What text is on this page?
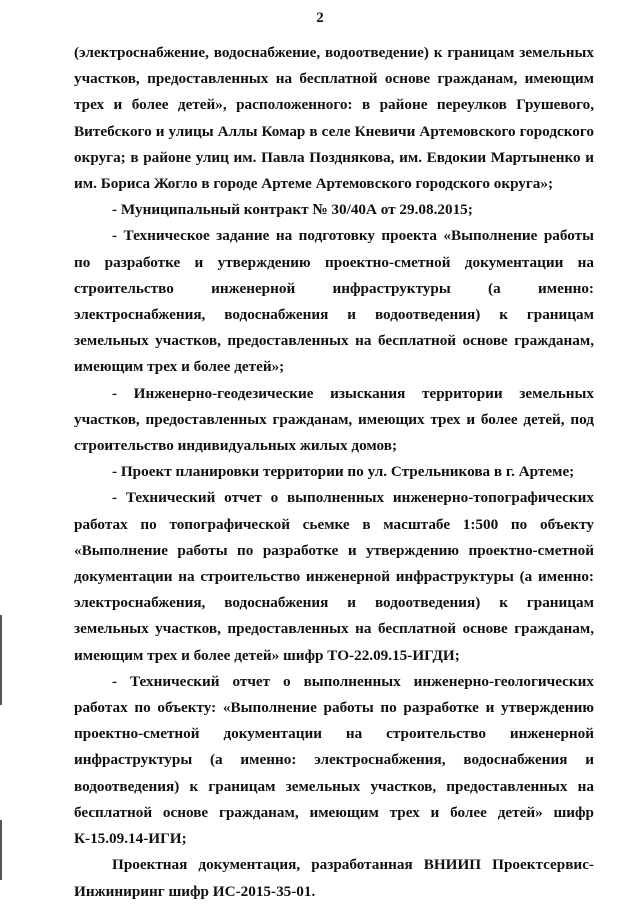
2

(электроснабжение, водоснабжение, водоотведение) к границам земельных участков, предоставленных на бесплатной основе гражданам, имеющим трех и более детей», расположенного: в районе переулков Грушевого, Витебского и улицы Аллы Комар в селе Кневичи Артемовского городского округа; в районе улиц им. Павла Позднякова, им. Евдокии Мартыненко и им. Бориса Жогло в городе Артеме Артемовского городского округа»;

- Муниципальный контракт № 30/40А от 29.08.2015;

- Техническое задание на подготовку проекта «Выполнение работы по разработке и утверждению проектно-сметной документации на строительство инженерной инфраструктуры (а именно: электроснабжения, водоснабжения и водоотведения) к границам земельных участков, предоставленных на бесплатной основе гражданам, имеющим трех и более детей»;

- Инженерно-геодезические изыскания территории земельных участков, предоставленных гражданам, имеющих трех и более детей, под строительство индивидуальных жилых домов;

- Проект планировки территории по ул. Стрельникова в г. Артеме;

- Технический отчет о выполненных инженерно-топографических работах по топографической сьемке в масштабе 1:500 по объекту «Выполнение работы по разработке и утверждению проектно-сметной документации на строительство инженерной инфраструктуры (а именно: электроснабжения, водоснабжения и водоотведения) к границам земельных участков, предоставленных на бесплатной основе гражданам, имеющим трех и более детей» шифр ТО-22.09.15-ИГДИ;

- Технический отчет о выполненных инженерно-геологических работах по объекту: «Выполнение работы по разработке и утверждению проектно-сметной документации на строительство инженерной инфраструктуры (а именно: электроснабжения, водоснабжения и водоотведения) к границам земельных участков, предоставленных на бесплатной основе гражданам, имеющим трех и более детей» шифр К-15.09.14-ИГИ;

Проектная документация, разработанная ВНИИП Проектсервис-Инжиниринг шифр ИС-2015-35-01.
